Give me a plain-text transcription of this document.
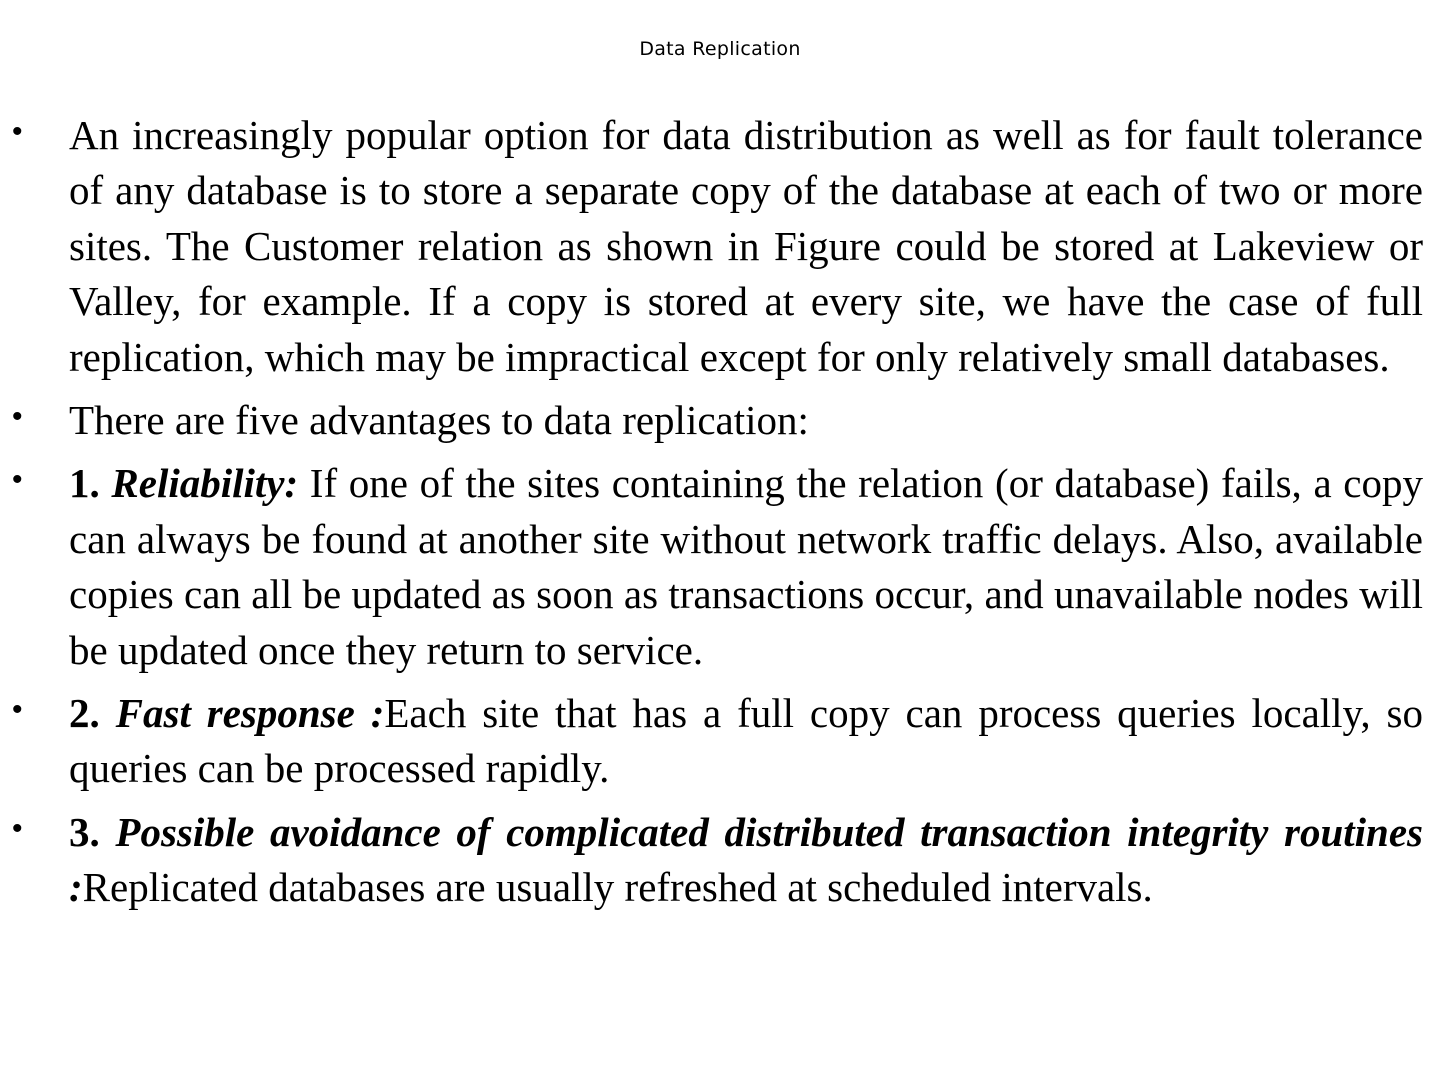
Data Replication
• An increasingly popular option for data distribution as well as for fault tolerance of any database is to store a separate copy of the database at each of two or more sites. The Customer relation as shown in Figure could be stored at Lakeview or Valley, for example. If a copy is stored at every site, we have the case of full replication, which may be impractical except for only relatively small databases.
• There are five advantages to data replication:
• 1. Reliability: If one of the sites containing the relation (or database) fails, a copy can always be found at another site without network traffic delays. Also, available copies can all be updated as soon as transactions occur, and unavailable nodes will be updated once they return to service.
• 2. Fast response :Each site that has a full copy can process queries locally, so queries can be processed rapidly.
• 3. Possible avoidance of complicated distributed transaction integrity routines :Replicated databases are usually refreshed at scheduled intervals.
